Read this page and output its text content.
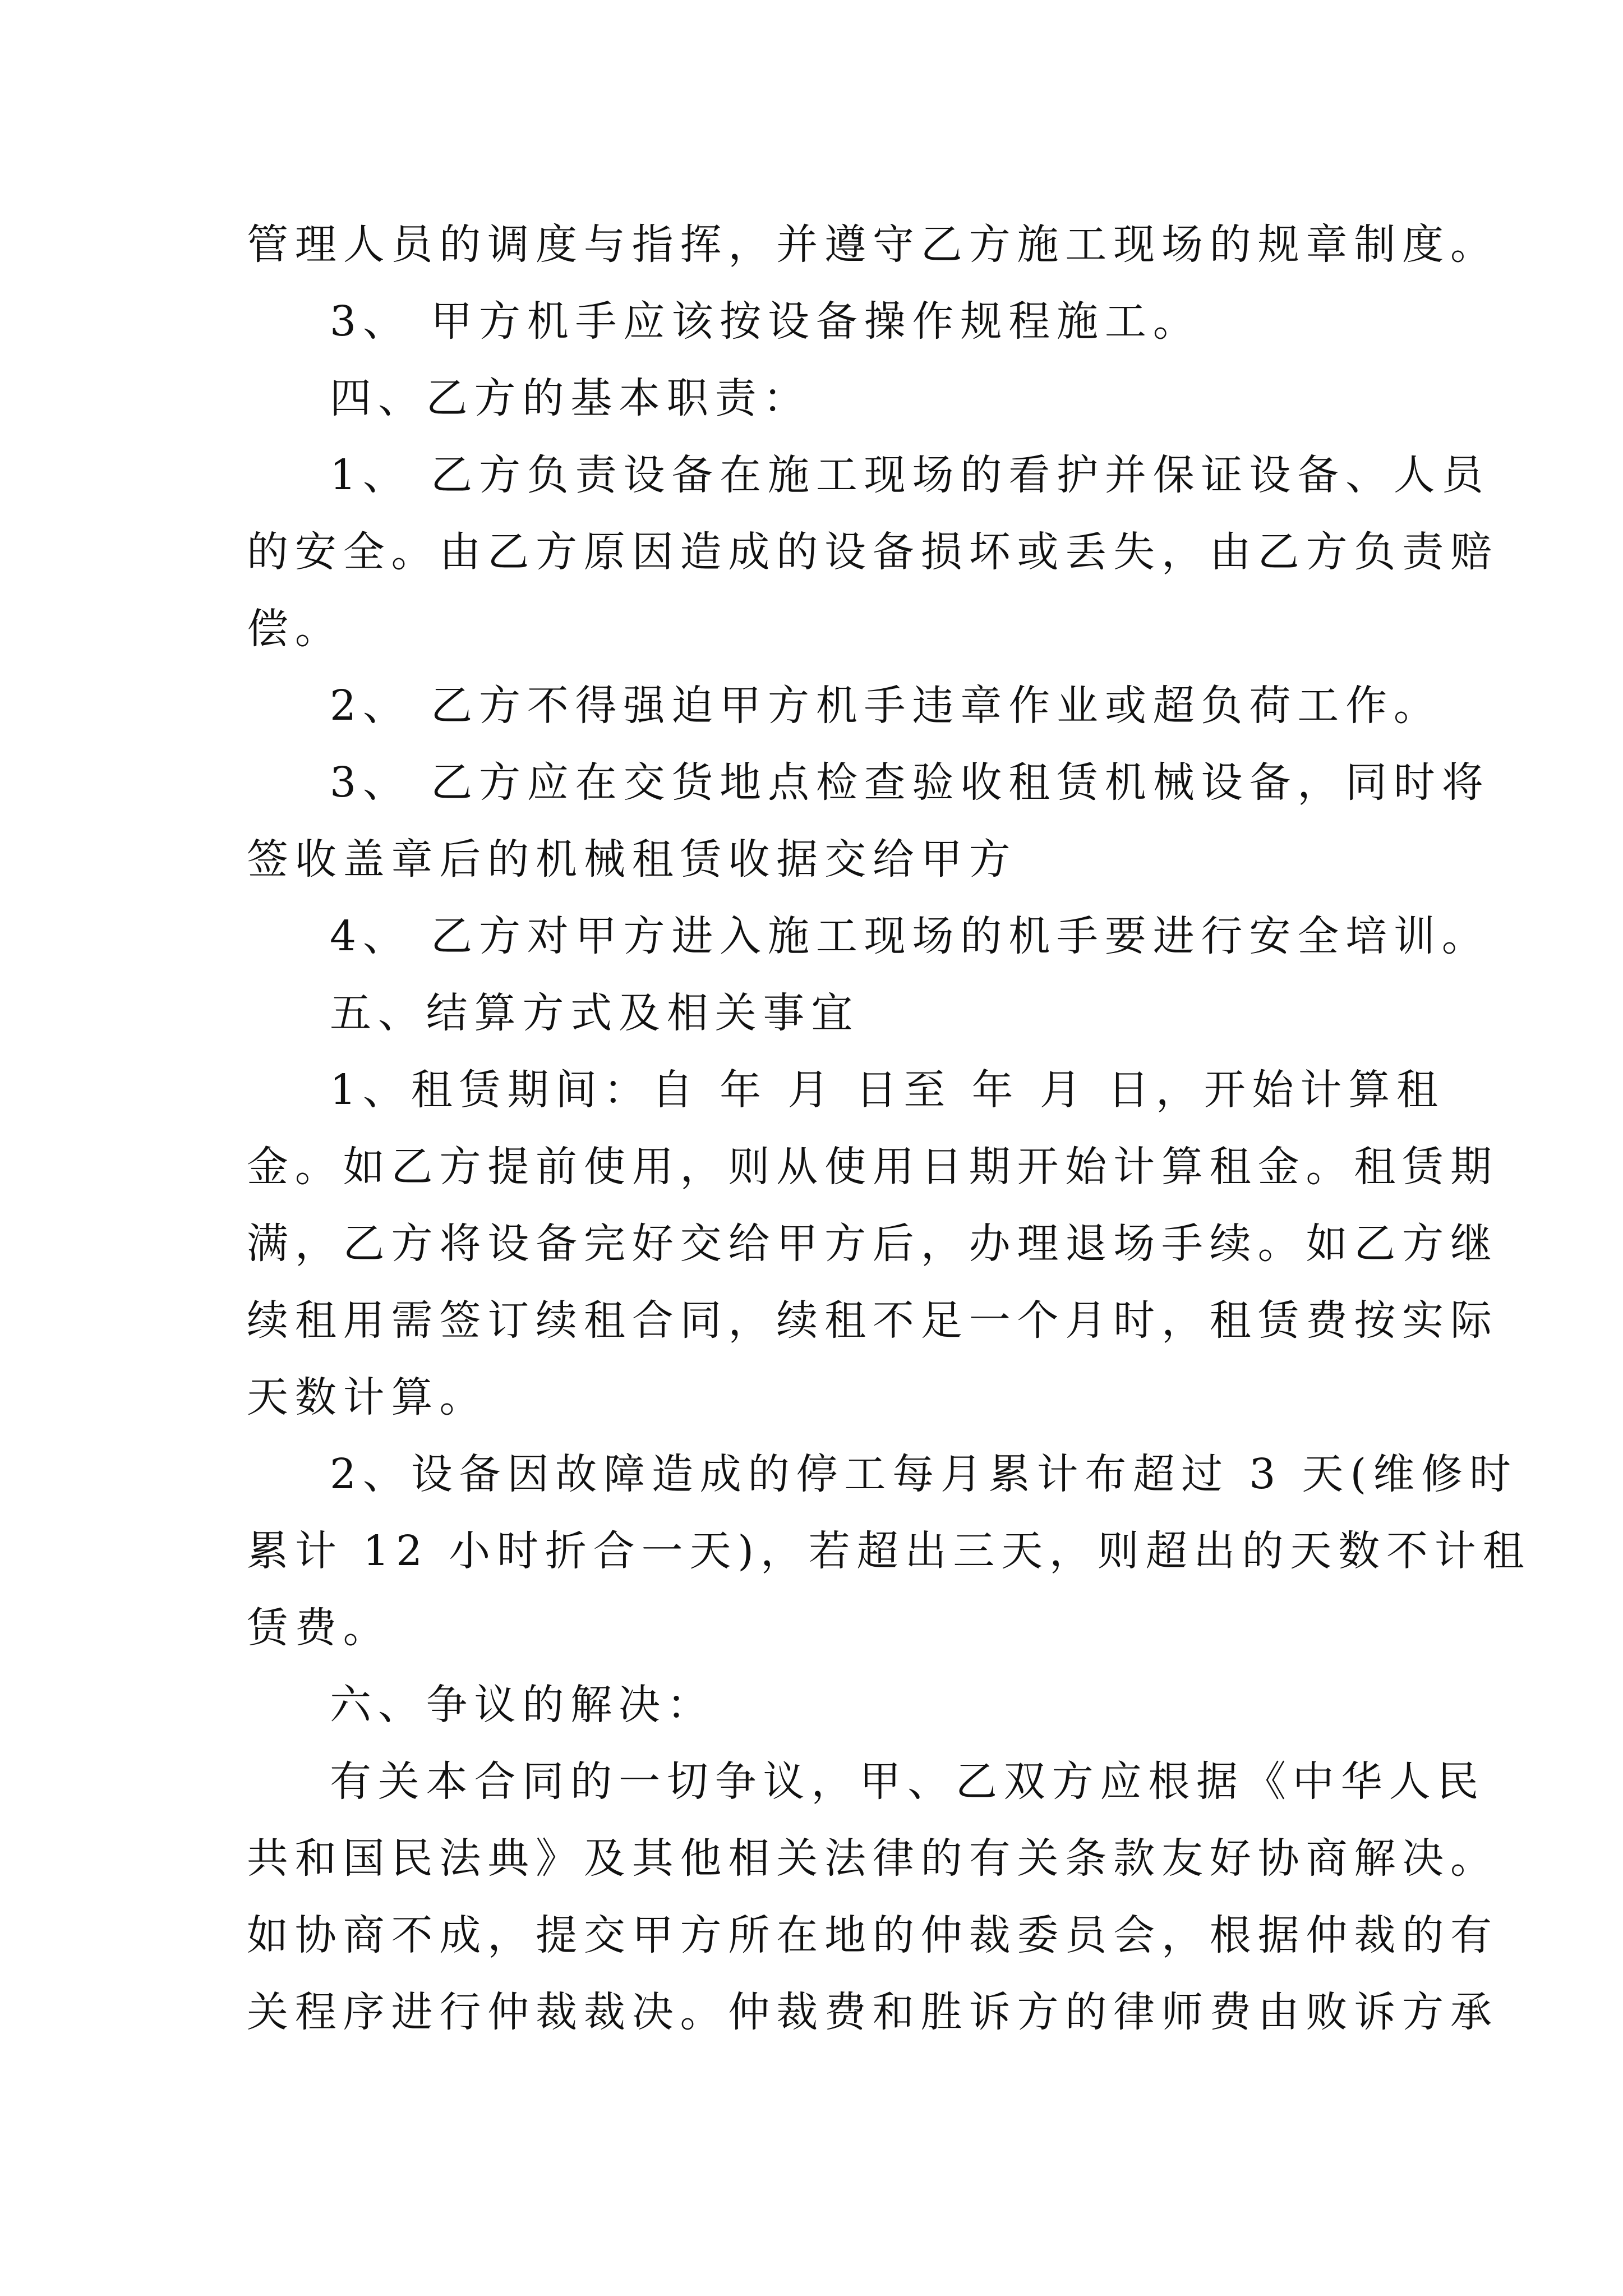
管理人员的调度与指挥，并遵守乙方施工现场的规章制度。
3、 甲方机手应该按设备操作规程施工。
四、乙方的基本职责：
1、 乙方负责设备在施工现场的看护并保证设备、人员
的安全。由乙方原因造成的设备损坏或丢失，由乙方负责赔
偿。
2、 乙方不得强迫甲方机手违章作业或超负荷工作。
3、 乙方应在交货地点检查验收租赁机械设备，同时将
签收盖章后的机械租赁收据交给甲方
4、 乙方对甲方进入施工现场的机手要进行安全培训。
五、结算方式及相关事宜
1、租赁期间：自 年 月 日至 年 月 日，开始计算租
金。如乙方提前使用，则从使用日期开始计算租金。租赁期
满，乙方将设备完好交给甲方后，办理退场手续。如乙方继
续租用需签订续租合同，续租不足一个月时，租赁费按实际
天数计算。
2、设备因故障造成的停工每月累计布超过 3 天(维修时
累计 12 小时折合一天)，若超出三天，则超出的天数不计租
赁费。
六、争议的解决：
有关本合同的一切争议，甲、乙双方应根据《中华人民
共和国民法典》及其他相关法律的有关条款友好协商解决。
如协商不成，提交甲方所在地的仲裁委员会，根据仲裁的有
关程序进行仲裁裁决。仲裁费和胜诉方的律师费由败诉方承
